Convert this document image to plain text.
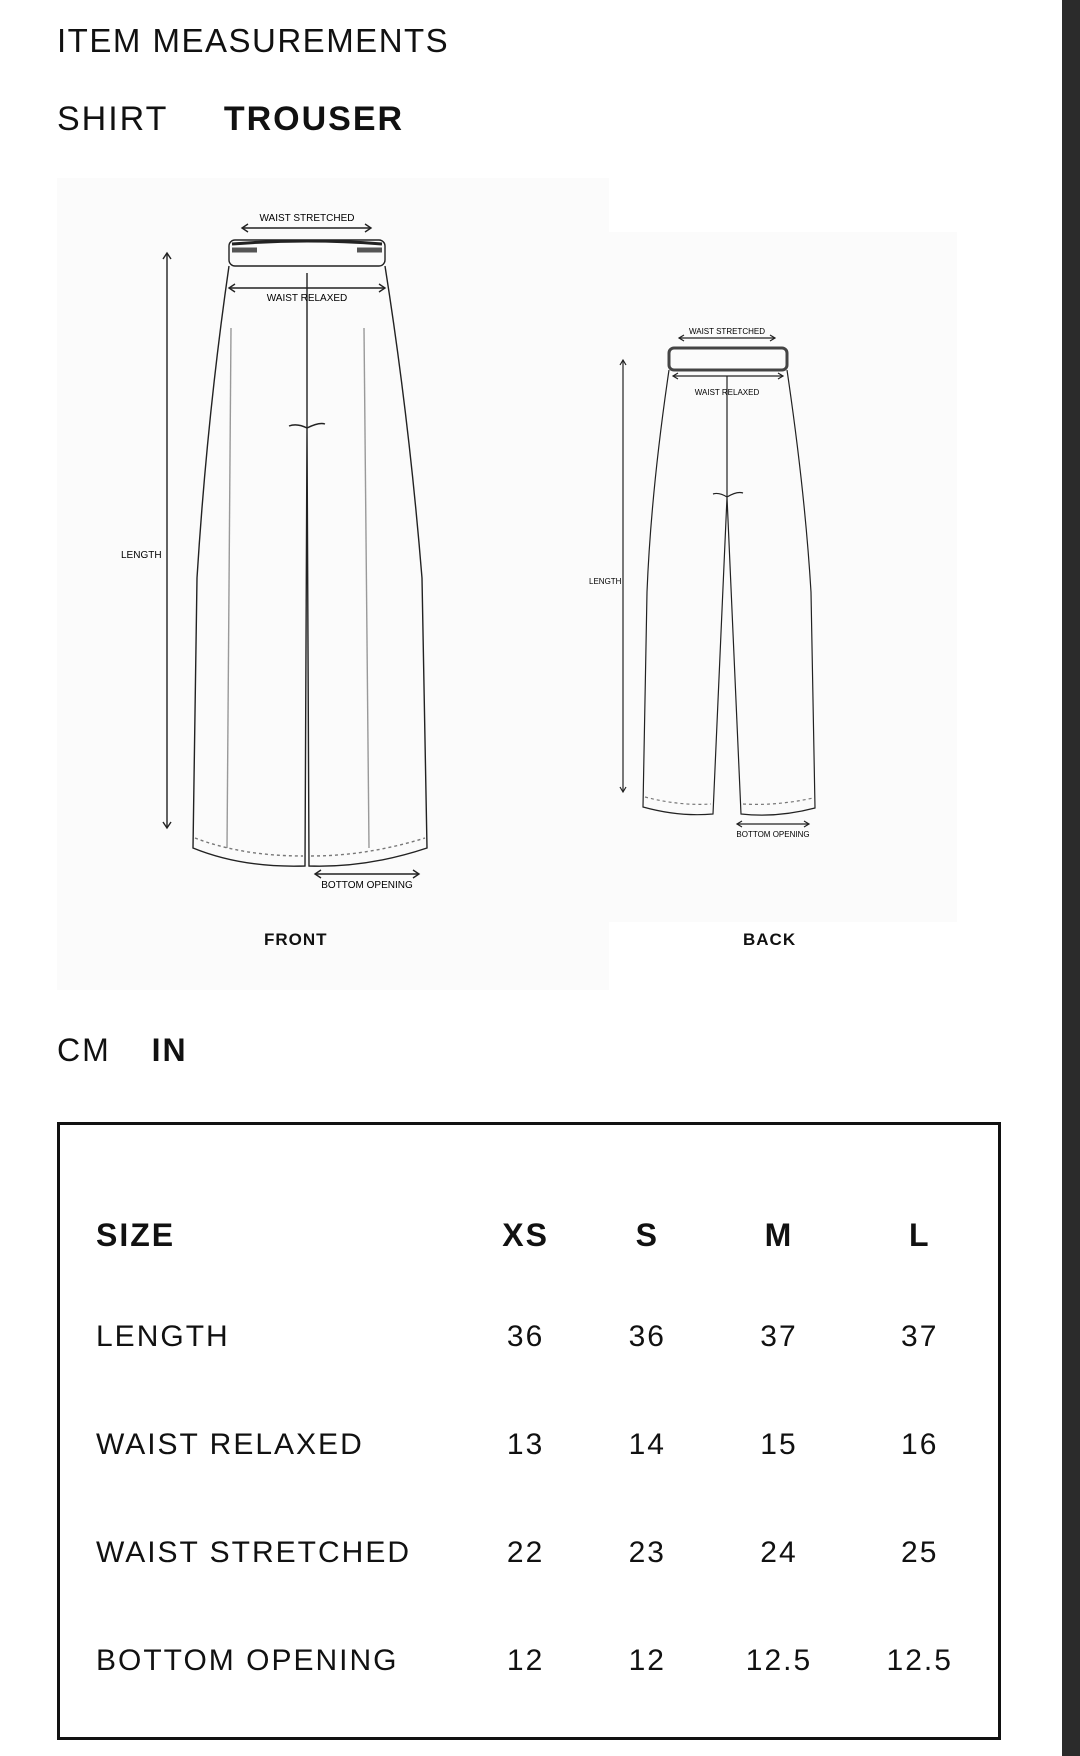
ITEM MEASUREMENTS
SHIRT TROUSER
WAIST STRETCHED
WAIST RELAXED
LENGTH
BOTTOM OPENING
FRONT
WAIST STRETCHED
WAIST RELAXED
LENGTH
BOTTOM OPENING
BACK
CM IN
SIZE	XS	S	M	L
LENGTH	36	36	37	37
WAIST RELAXED	13	14	15	16
WAIST STRETCHED	22	23	24	25
BOTTOM OPENING	12	12	12.5	12.5
